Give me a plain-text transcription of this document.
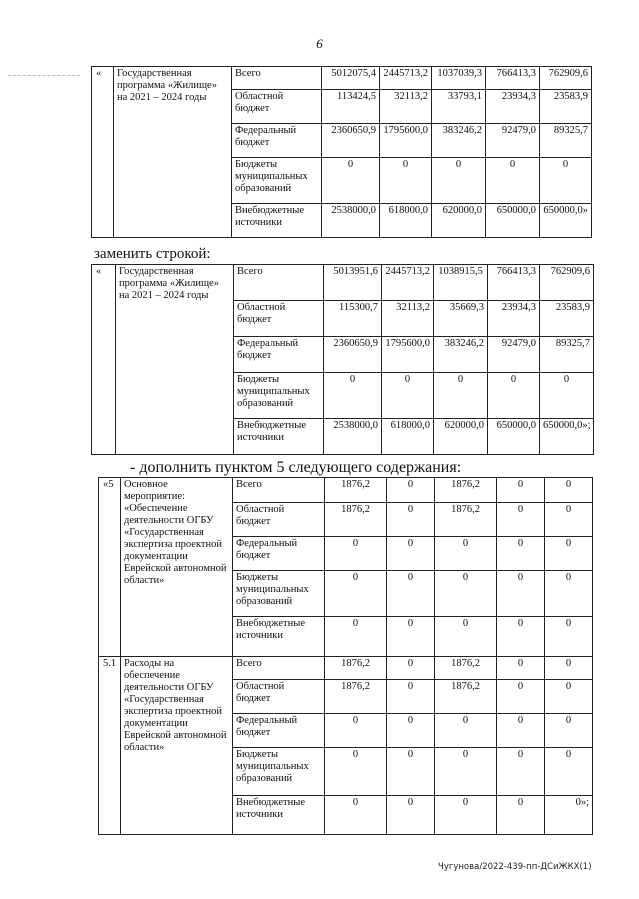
6
«	Государственная программа «Жилище» на 2021 – 2024 годы	Всего	5012075,4	2445713,2	1037039,3	766413,3	762909,6
		Областной бюджет	113424,5	32113,2	33793,1	23934,3	23583,9
		Федеральный бюджет	2360650,9	1795600,0	383246,2	92479,0	89325,7
		Бюджеты муниципальных образований	0	0	0	0	0
		Внебюджетные источники	2538000,0	618000,0	620000,0	650000,0	650000,0»
заменить строкой:
«	Государственная программа «Жилище» на 2021 – 2024 годы	Всего	5013951,6	2445713,2	1038915,5	766413,3	762909,6
		Областной бюджет	115300,7	32113,2	35669,3	23934,3	23583,9
		Федеральный бюджет	2360650,9	1795600,0	383246,2	92479,0	89325,7
		Бюджеты муниципальных образований	0	0	0	0	0
		Внебюджетные источники	2538000,0	618000,0	620000,0	650000,0	650000,0»;
- дополнить пунктом 5 следующего содержания:
«5	Основное мероприятие: «Обеспечение деятельности ОГБУ «Государственная экспертиза проектной документации Еврейской автономной области»	Всего	1876,2	0	1876,2	0	0
		Областной бюджет	1876,2	0	1876,2	0	0
		Федеральный бюджет	0	0	0	0	0
		Бюджеты муниципальных образований	0	0	0	0	0
		Внебюджетные источники	0	0	0	0	0
5.1	Расходы на обеспечение деятельности ОГБУ «Государственная экспертиза проектной документации Еврейской автономной области»	Всего	1876,2	0	1876,2	0	0
		Областной бюджет	1876,2	0	1876,2	0	0
		Федеральный бюджет	0	0	0	0	0
		Бюджеты муниципальных образований	0	0	0	0	0
		Внебюджетные источники	0	0	0	0	0»;
Чугунова/2022-439-пп-ДСиЖКХ(1)
